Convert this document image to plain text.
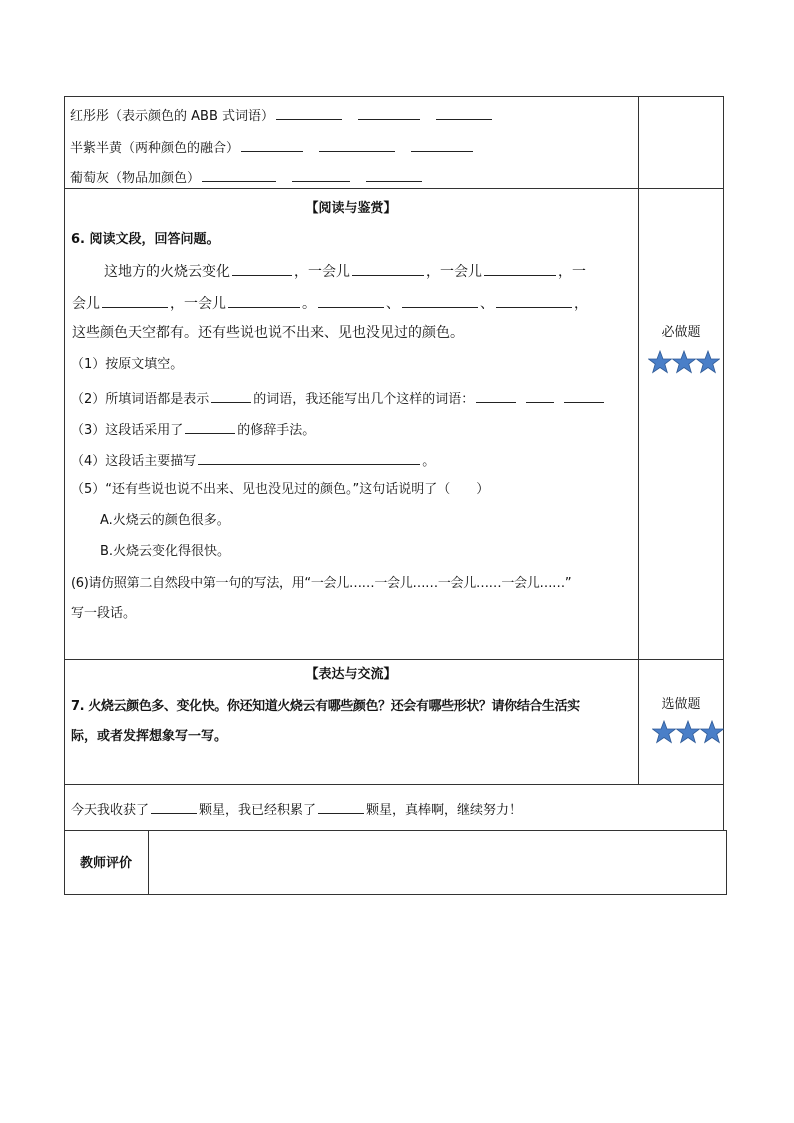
红彤彤（表示颜色的 ABB 式词语）
半紫半黄（两种颜色的融合）
葡萄灰（物品加颜色）
【阅读与鉴赏】
6. 阅读文段，回答问题。
这地方的火烧云变化	，一会儿	，一会儿	，一
会儿	，一会儿	。	、	、	，
这些颜色天空都有。还有些说也说不出来、见也没见过的颜色。
（1）按原文填空。
（2）所填词语都是表示	的词语，我还能写出几个这样的词语：
（3）这段话采用了	的修辞手法。
（4）这段话主要描写	。
（5）“还有些说也说不出来、见也没见过的颜色。”这句话说明了（　　）
A.火烧云的颜色很多。
B.火烧云变化得很快。
(6)请仿照第二自然段中第一句的写法，用“一会儿……一会儿……一会儿……一会儿……”
写一段话。
必做题
【表达与交流】
7. 火烧云颜色多、变化快。你还知道火烧云有哪些颜色？还会有哪些形状？请你结合生活实
际，或者发挥想象写一写。
选做题
今天我收获了	颗星，我已经积累了	颗星，真棒啊，继续努力！
教师评价
